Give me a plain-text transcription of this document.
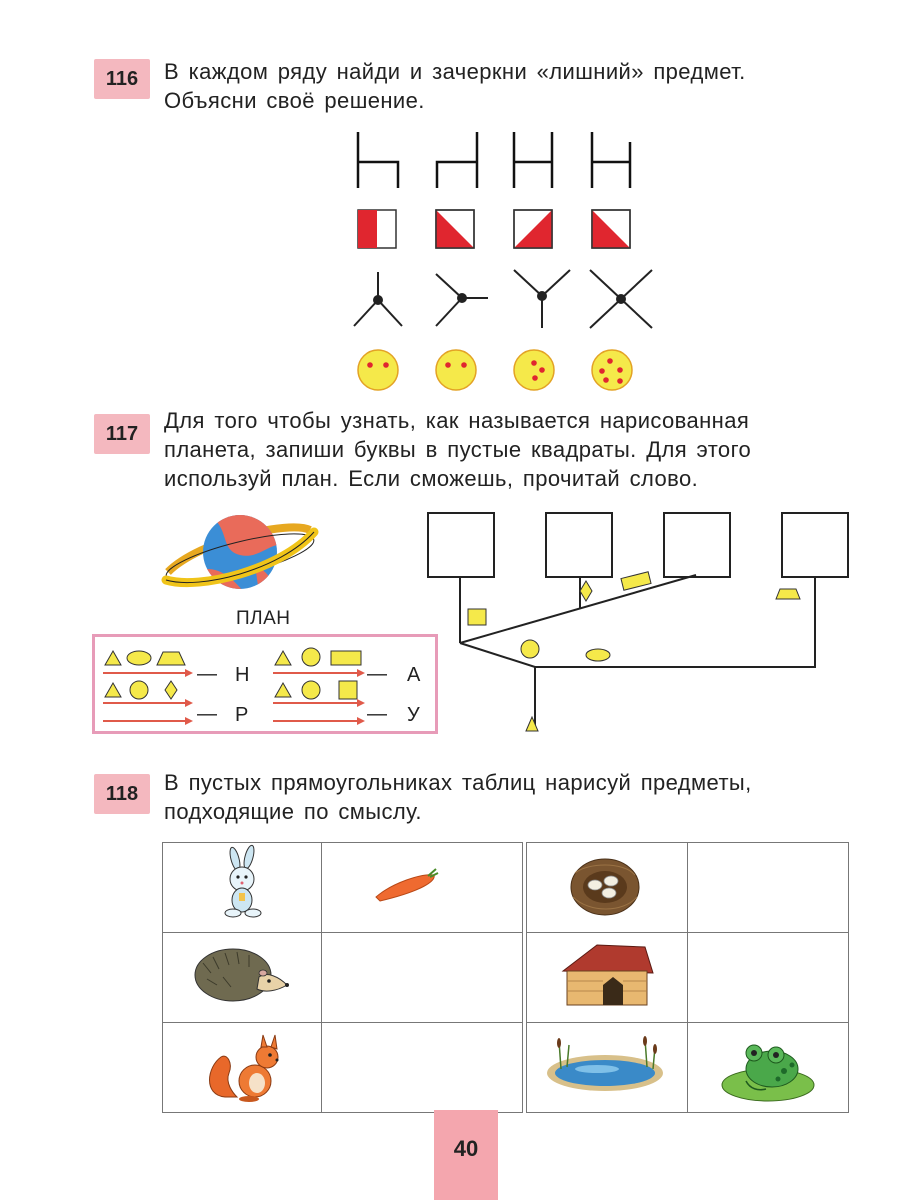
116	В каждом ряду найди и зачеркни «лишний» предмет.
Объясни своё решение.
117
Для того чтобы узнать, как называется нарисованная
планета, запиши буквы в пустые квадраты. Для этого
используй план. Если сможешь, прочитай слово.
ПЛАН
— Н	— А
— Р	— У
118	В пустых прямоугольниках таблиц нарисуй предметы,
подходящие по смыслу.

40
